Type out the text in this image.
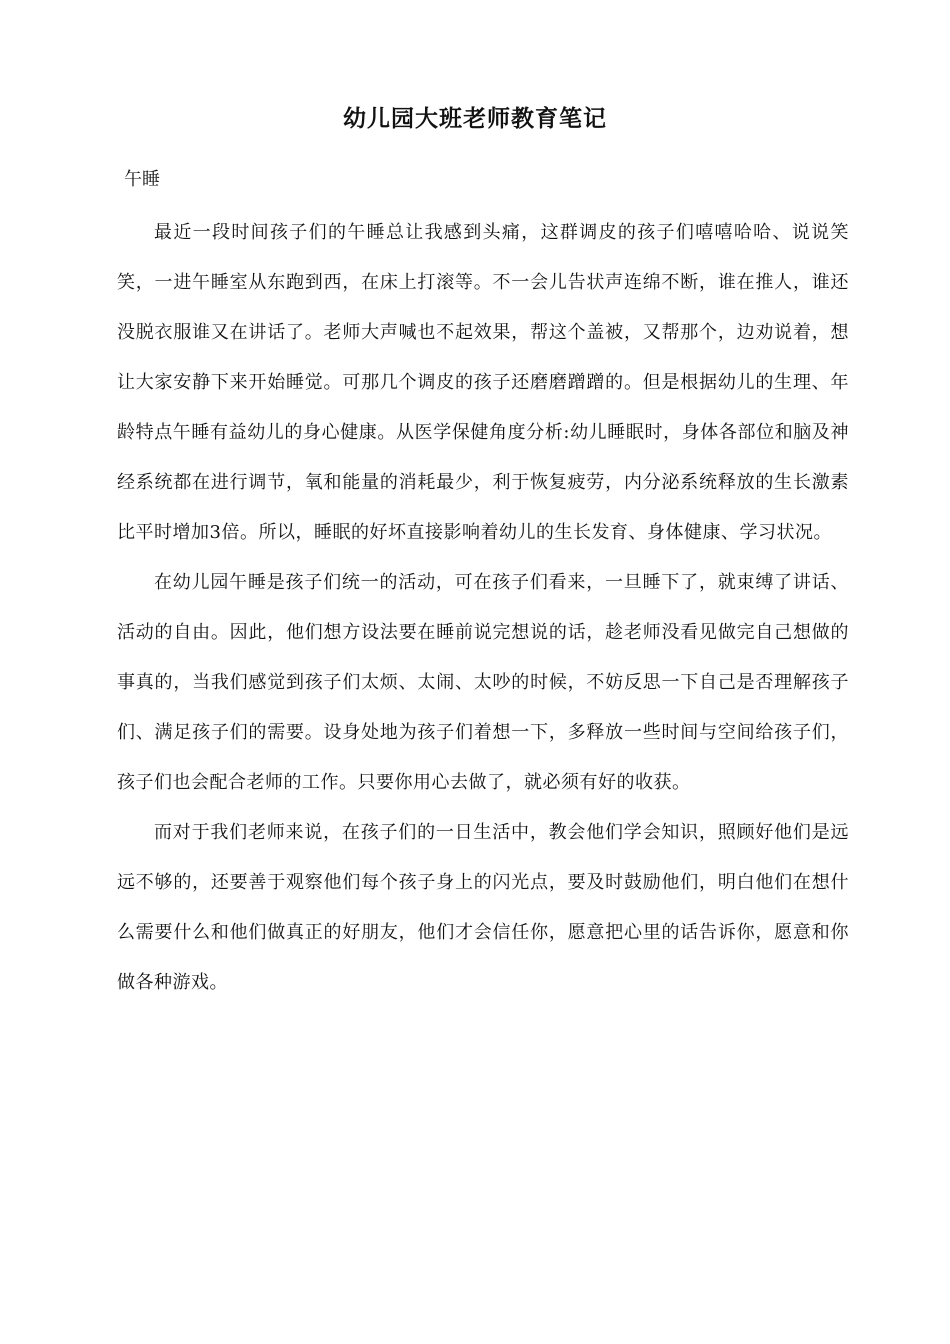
幼儿园大班老师教育笔记

午睡

最近一段时间孩子们的午睡总让我感到头痛，这群调皮的孩子们嘻嘻哈哈、说说笑笑，一进午睡室从东跑到西，在床上打滚等。不一会儿告状声连绵不断，谁在推人，谁还没脱衣服谁又在讲话了。老师大声喊也不起效果，帮这个盖被，又帮那个，边劝说着，想让大家安静下来开始睡觉。可那几个调皮的孩子还磨磨蹭蹭的。但是根据幼儿的生理、年龄特点午睡有益幼儿的身心健康。从医学保健角度分析:幼儿睡眠时，身体各部位和脑及神经系统都在进行调节，氧和能量的消耗最少，利于恢复疲劳，内分泌系统释放的生长激素比平时增加3倍。所以，睡眠的好坏直接影响着幼儿的生长发育、身体健康、学习状况。

在幼儿园午睡是孩子们统一的活动，可在孩子们看来，一旦睡下了，就束缚了讲话、活动的自由。因此，他们想方设法要在睡前说完想说的话，趁老师没看见做完自己想做的事真的，当我们感觉到孩子们太烦、太闹、太吵的时候，不妨反思一下自己是否理解孩子们、满足孩子们的需要。设身处地为孩子们着想一下，多释放一些时间与空间给孩子们，孩子们也会配合老师的工作。只要你用心去做了，就必须有好的收获。

而对于我们老师来说，在孩子们的一日生活中，教会他们学会知识，照顾好他们是远远不够的，还要善于观察他们每个孩子身上的闪光点，要及时鼓励他们，明白他们在想什么需要什么和他们做真正的好朋友，他们才会信任你，愿意把心里的话告诉你，愿意和你做各种游戏。
